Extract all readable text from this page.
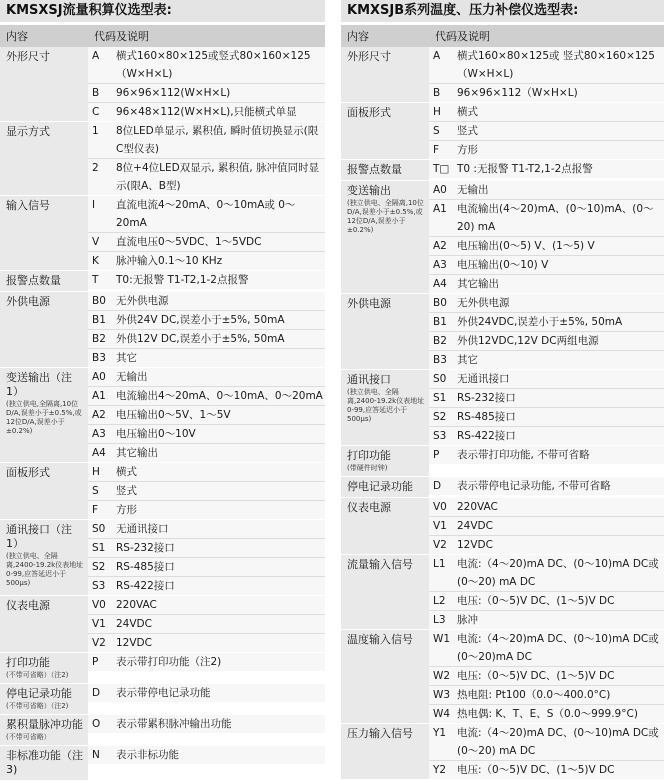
KMSXSJ流量积算仪选型表:
内容	代码及说明
外形尺寸	A	横式160×80×125或竖式80×160×125（W×H×L)
B	96×96×112(W×H×L)
C	96×48×112(W×H×L),只能横式单显
显示方式	1	8位LED单显示, 累积值, 瞬时值切换显示(限C型仪表)
2	8位+4位LED双显示, 累积值, 脉冲值同时显示(限A、B型)
输入信号	I	直流电流4～20mA、0～10mA或 0～20mA
V	直流电压0～5VDC、1～5VDC
K	脉冲输入0.1～10 KHz
报警点数量	T	T0:无报警 T1-T2,1-2点报警
外供电源	B0 无外供电源
B1 外供24V DC,误差小于±5%, 50mA
B2 外供12V DC,误差小于±5%, 50mA
B3 其它
变送输出（注1）
(独立供电,全隔离,10位D/A,误差小于±0.5%,或12位D/A,误差小于±0.2%)
A0 无输出
A1 电流输出4～20mA、0～10mA、0～20mA
A2 电压输出0～5V、1～5V
A3 电压输出0～10V
A4 其它输出
面板形式	H	横式
S	竖式
F	方形
通讯接口（注1）
(独立供电、全隔离,2400-19.2k仪表地址0-99,应答延迟小于500μs)
S0	无通讯接口
S1	RS-232接口
S2	RS-485接口
S3	RS-422接口
仪表电源	V0 220VAC
V1 24VDC
V2 12VDC
打印功能
(不带可省略）（注2)
P	表示带打印功能（注2)
停电记录功能
(不带可省略）（注2)
D	表示带停电记录功能
累积量脉冲功能
(不带可省略）
O	表示带累积脉冲输出功能
非标准功能（注3)
N	表示非标功能
KMXSJB系列温度、压力补偿仪选型表:
内容	代码及说明
外形尺寸	A	横式160×80×125或 竖式80×160×125（W×H×L)
B	96×96×112（W×H×L)
面板形式	H	横式
S	竖式
F	方形
报警点数量	T□ T0 :无报警 T1-T2,1-2点报警
变送输出
(独立供电、全隔离,10位D/A,误差小于±0.5%,或12位D/A,误差小于±0.2%)
A0 无输出
A1 电流输出(4～20)mA、(0～10)mA、(0～20) mA
A2 电压输出(0～5) V、(1～5) V
A3 电压输出(0～10) V
A4 其它输出
外供电源	B0 无外供电源
B1 外供24VDC,误差小于±5%, 50mA
B2 外供12VDC,12V DC两组电源
B3 其它
通讯接口
(独立供电、全隔离,2400-19.2k仪表地址0-99,应答延迟小于500μs)
S0	无通讯接口
S1	RS-232接口
S2	RS-485接口
S3	RS-422接口
打印功能
(带硬件时钟)
P	表示带打印功能, 不带可省略
停电记录功能	D	表示带停电记录功能, 不带可省略
仪表电源	V0 220VAC
V1 24VDC
V2 12VDC
流量输入信号	L1	电流:（4～20)mA DC、(0～10)mA DC或(0～20) mA DC
L2	电压:（0～5)V DC、(1～5)V DC
L3	脉冲
温度输入信号	W1 电流:（4～20)mA DC、(0～10)mA DC或(0～20)mA DC
W2 电压:（0～5)V DC、(1～5)V DC
W3 热电阻: Pt100（0.0～400.0°C)
W4 热电偶: K、T、E、S（0.0～999.9°C)
压力输入信号	Y1	电流:（4～20)mA DC、(0～10)mA DC或(0～20) mA DC
Y2	电压:（0～5)V DC、(1～5)V DC
